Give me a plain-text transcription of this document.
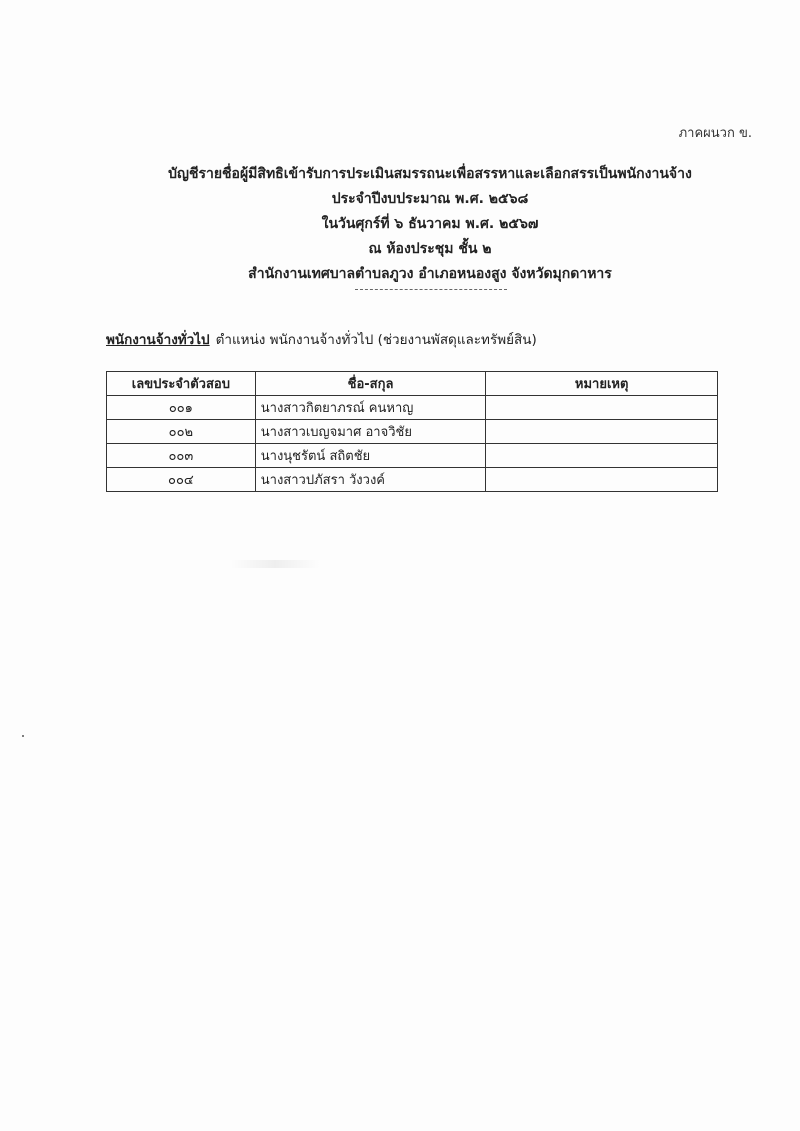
ภาคผนวก ข.
บัญชีรายชื่อผู้มีสิทธิเข้ารับการประเมินสมรรถนะเพื่อสรรหาและเลือกสรรเป็นพนักงานจ้าง
ประจำปีงบประมาณ พ.ศ. ๒๕๖๘
ในวันศุกร์ที่ ๖ ธันวาคม พ.ศ. ๒๕๖๗
ณ ห้องประชุม ชั้น ๒
สำนักงานเทศบาลตำบลภูวง อำเภอหนองสูง จังหวัดมุกดาหาร
พนักงานจ้างทั่วไป ตำแหน่ง พนักงานจ้างทั่วไป (ช่วยงานพัสดุและทรัพย์สิน)
เลขประจำตัวสอบ	ชื่อ-สกุล	หมายเหตุ
๐๐๑	นางสาวกิตยาภรณ์ คนหาญ	
๐๐๒	นางสาวเบญจมาศ อาจวิชัย	
๐๐๓	นางนุชรัตน์ สถิตชัย	
๐๐๔	นางสาวปภัสรา วังวงค์	
